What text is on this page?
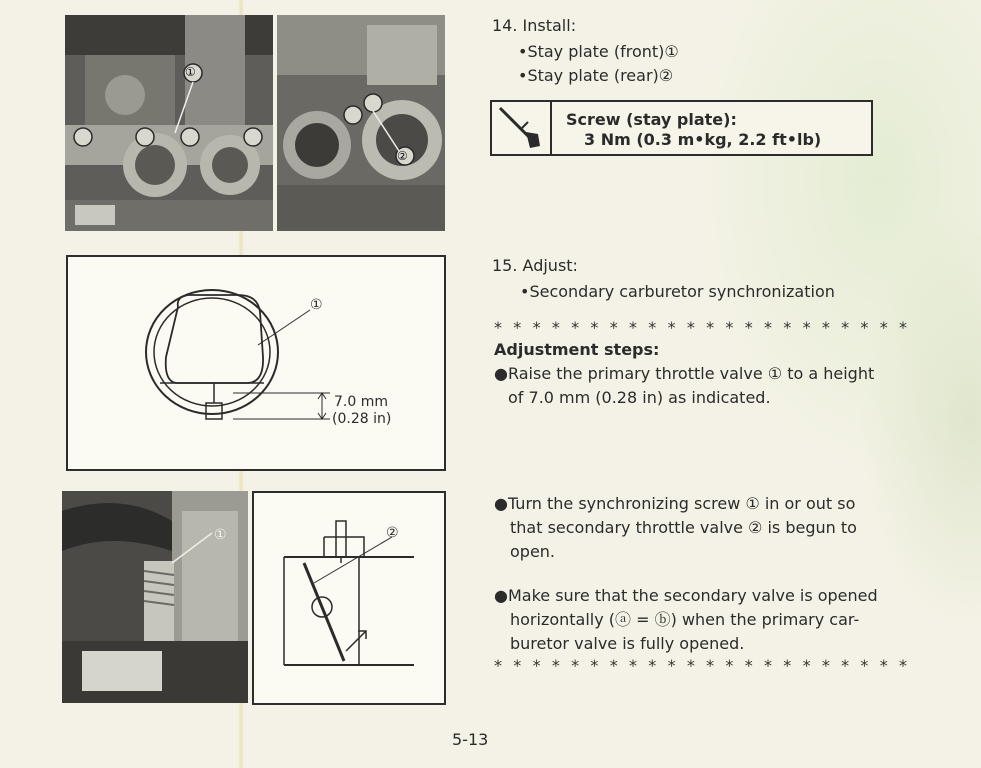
①
②
①
7.0 mm
(0.28 in)
①	②
14. Install:
•Stay plate (front)①
•Stay plate (rear)②
Screw (stay plate):
3 Nm (0.3 m•kg, 2.2 ft•lb)
15. Adjust:
•Secondary carburetor synchronization
* * * * * * * * * * * * * * * * * * * * * *
Adjustment steps:
●Raise the primary throttle valve ① to a height
of 7.0 mm (0.28 in) as indicated.
●Turn the synchronizing screw ① in or out so
that secondary throttle valve ② is begun to
open.
●Make sure that the secondary valve is opened
horizontally (ⓐ = ⓑ) when the primary car-
buretor valve is fully opened.
* * * * * * * * * * * * * * * * * * * * * *
5-13
